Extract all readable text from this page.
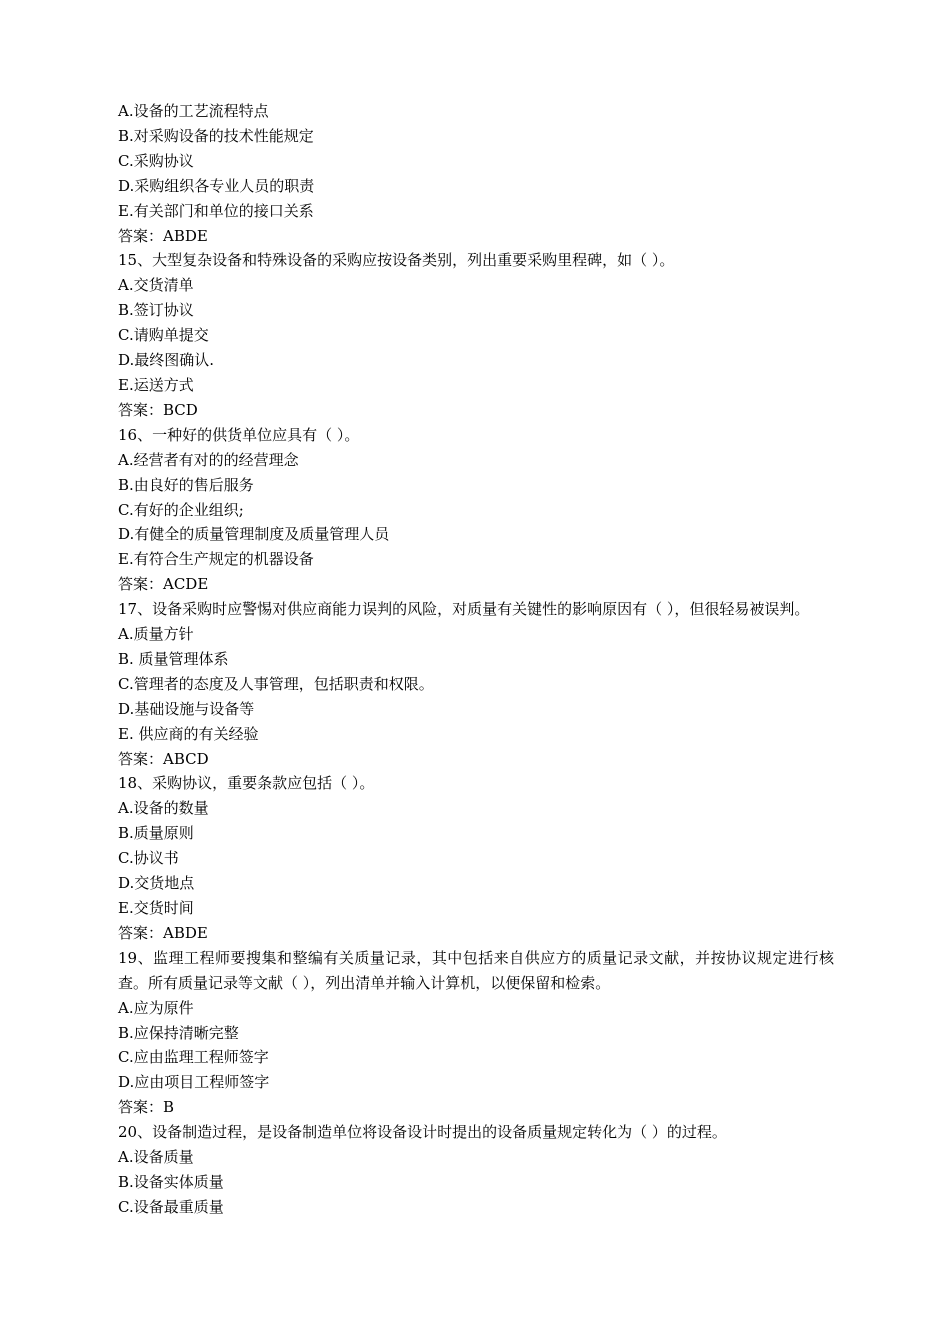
A.设备的工艺流程特点

B.对采购设备的技术性能规定

C.采购协议

D.采购组织各专业人员的职责

E.有关部门和单位的接口关系

答案：ABDE

15、大型复杂设备和特殊设备的采购应按设备类别，列出重要采购里程碑，如（ ）。

A.交货清单

B.签订协议

C.请购单提交

D.最终图确认.

E.运送方式

答案：BCD

16、一种好的供货单位应具有（ ）。

A.经营者有对的的经营理念

B.由良好的售后服务

C.有好的企业组织;

D.有健全的质量管理制度及质量管理人员

E.有符合生产规定的机器设备

答案：ACDE

17、设备采购时应警惕对供应商能力误判的风险，对质量有关键性的影响原因有（ ），但很轻易被误判。

A.质量方针

B. 质量管理体系

C.管理者的态度及人事管理，包括职责和权限。

D.基础设施与设备等

E. 供应商的有关经验

答案：ABCD

18、采购协议，重要条款应包括（ ）。

A.设备的数量

B.质量原则

C.协议书

D.交货地点

E.交货时间

答案：ABDE

19、监理工程师要搜集和整编有关质量记录，其中包括来自供应方的质量记录文献，并按协议规定进行核查。所有质量记录等文献（ ），列出清单并输入计算机，以便保留和检索。

A.应为原件

B.应保持清晰完整

C.应由监理工程师签字

D.应由项目工程师签字

答案：B

20、设备制造过程，是设备制造单位将设备设计时提出的设备质量规定转化为（ ）的过程。

A.设备质量

B.设备实体质量

C.设备最重质量
